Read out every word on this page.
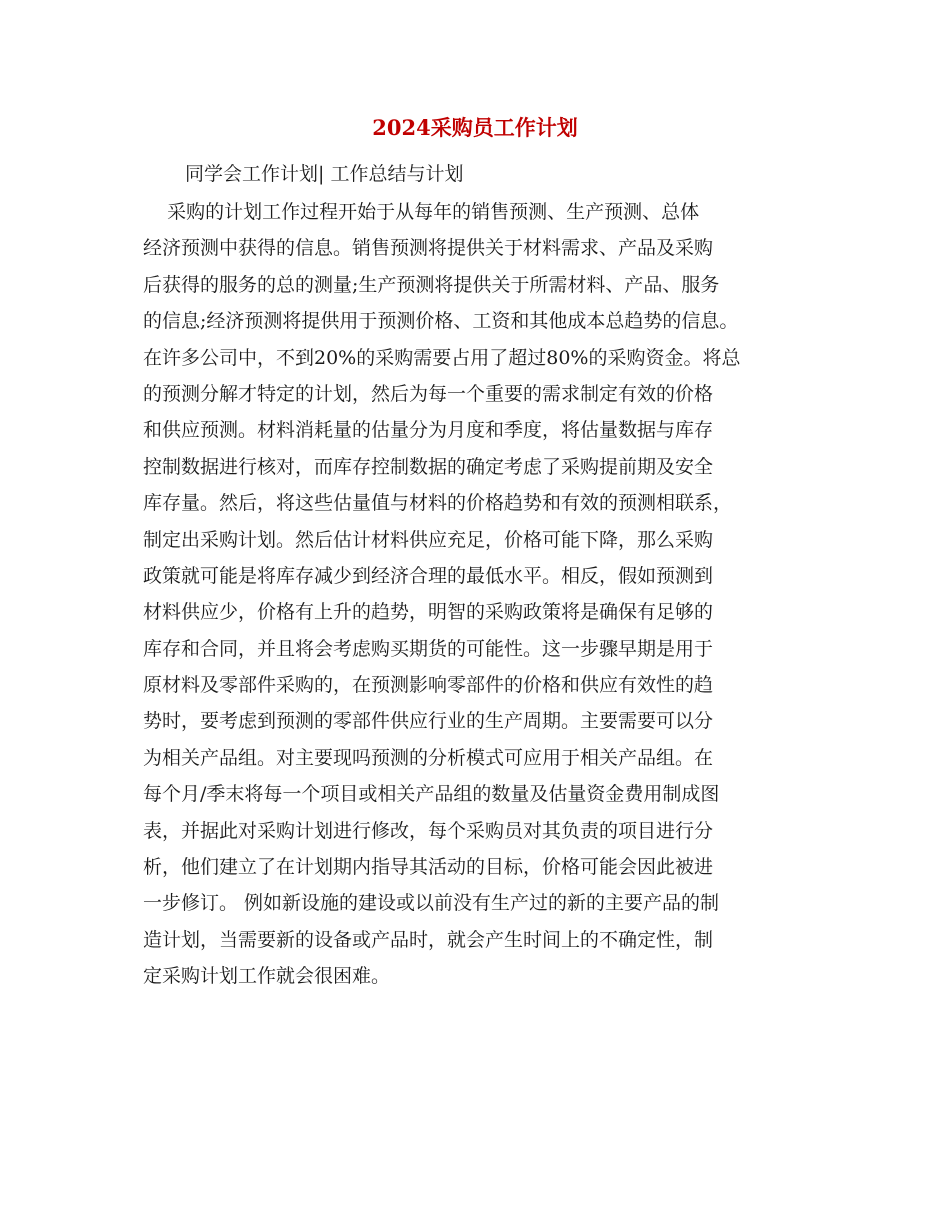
2024采购员工作计划

同学会工作计划| 工作总结与计划

采购的计划工作过程开始于从每年的销售预测、生产预测、总体
经济预测中获得的信息。销售预测将提供关于材料需求、产品及采购
后获得的服务的总的测量;生产预测将提供关于所需材料、产品、服务
的信息;经济预测将提供用于预测价格、工资和其他成本总趋势的信息。
在许多公司中，不到20%的采购需要占用了超过80%的采购资金。将总
的预测分解才特定的计划，然后为每一个重要的需求制定有效的价格
和供应预测。材料消耗量的估量分为月度和季度，将估量数据与库存
控制数据进行核对，而库存控制数据的确定考虑了采购提前期及安全
库存量。然后，将这些估量值与材料的价格趋势和有效的预测相联系，
制定出采购计划。然后估计材料供应充足，价格可能下降，那么采购
政策就可能是将库存减少到经济合理的最低水平。相反，假如预测到
材料供应少，价格有上升的趋势，明智的采购政策将是确保有足够的
库存和合同，并且将会考虑购买期货的可能性。这一步骤早期是用于
原材料及零部件采购的，在预测影响零部件的价格和供应有效性的趋
势时，要考虑到预测的零部件供应行业的生产周期。主要需要可以分
为相关产品组。对主要现吗预测的分析模式可应用于相关产品组。在
每个月/季末将每一个项目或相关产品组的数量及估量资金费用制成图
表，并据此对采购计划进行修改，每个采购员对其负责的项目进行分
析，他们建立了在计划期内指导其活动的目标，价格可能会因此被进
一步修订。 例如新设施的建设或以前没有生产过的新的主要产品的制
造计划，当需要新的设备或产品时，就会产生时间上的不确定性，制
定采购计划工作就会很困难。
